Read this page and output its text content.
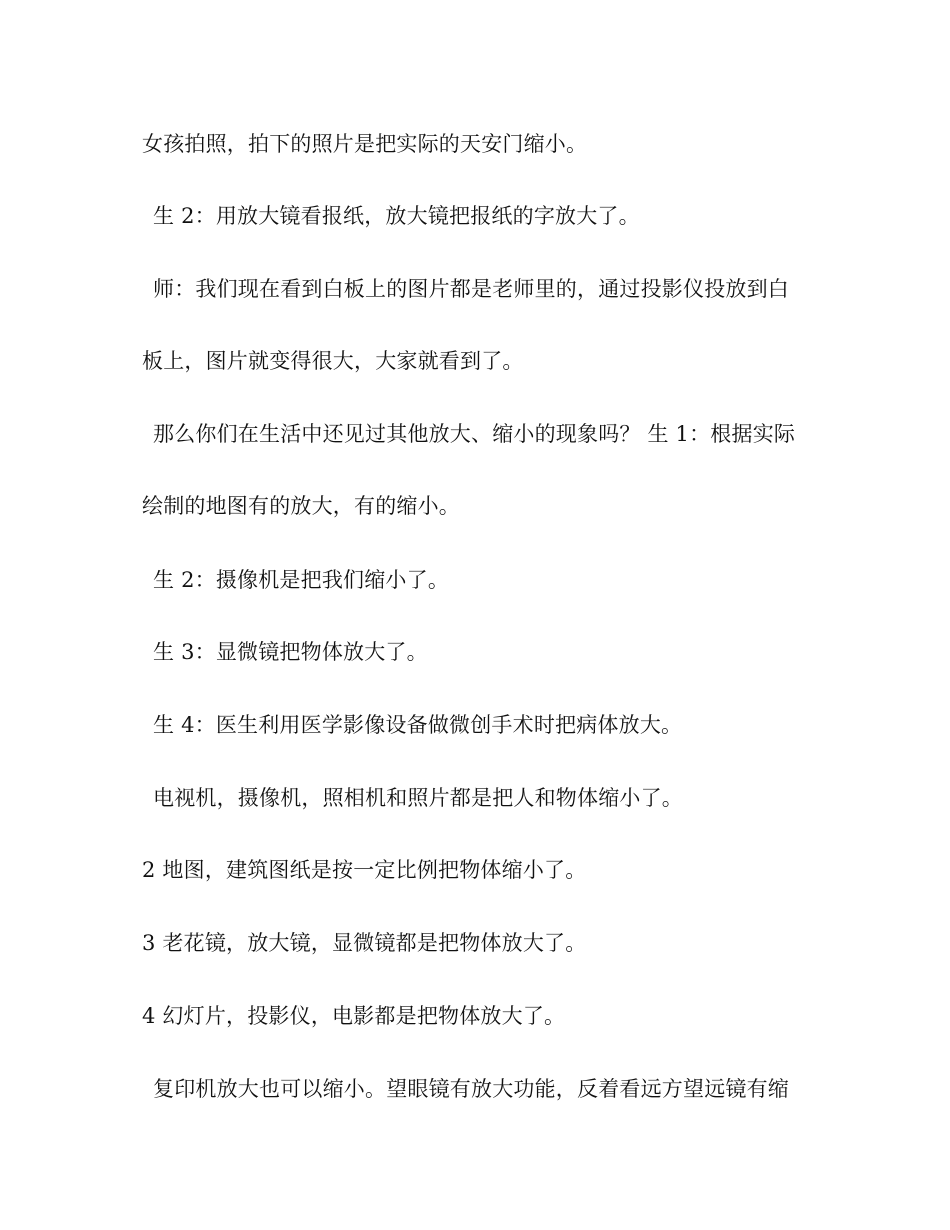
女孩拍照，拍下的照片是把实际的天安门缩小。
生 2：用放大镜看报纸，放大镜把报纸的字放大了。
师：我们现在看到白板上的图片都是老师里的，通过投影仪投放到白
板上，图片就变得很大，大家就看到了。
那么你们在生活中还见过其他放大、缩小的现象吗？ 生 1：根据实际
绘制的地图有的放大，有的缩小。
生 2：摄像机是把我们缩小了。
生 3：显微镜把物体放大了。
生 4：医生利用医学影像设备做微创手术时把病体放大。
电视机，摄像机，照相机和照片都是把人和物体缩小了。
2 地图，建筑图纸是按一定比例把物体缩小了。
3 老花镜，放大镜，显微镜都是把物体放大了。
4 幻灯片，投影仪，电影都是把物体放大了。
复印机放大也可以缩小。望眼镜有放大功能，反着看远方望远镜有缩
